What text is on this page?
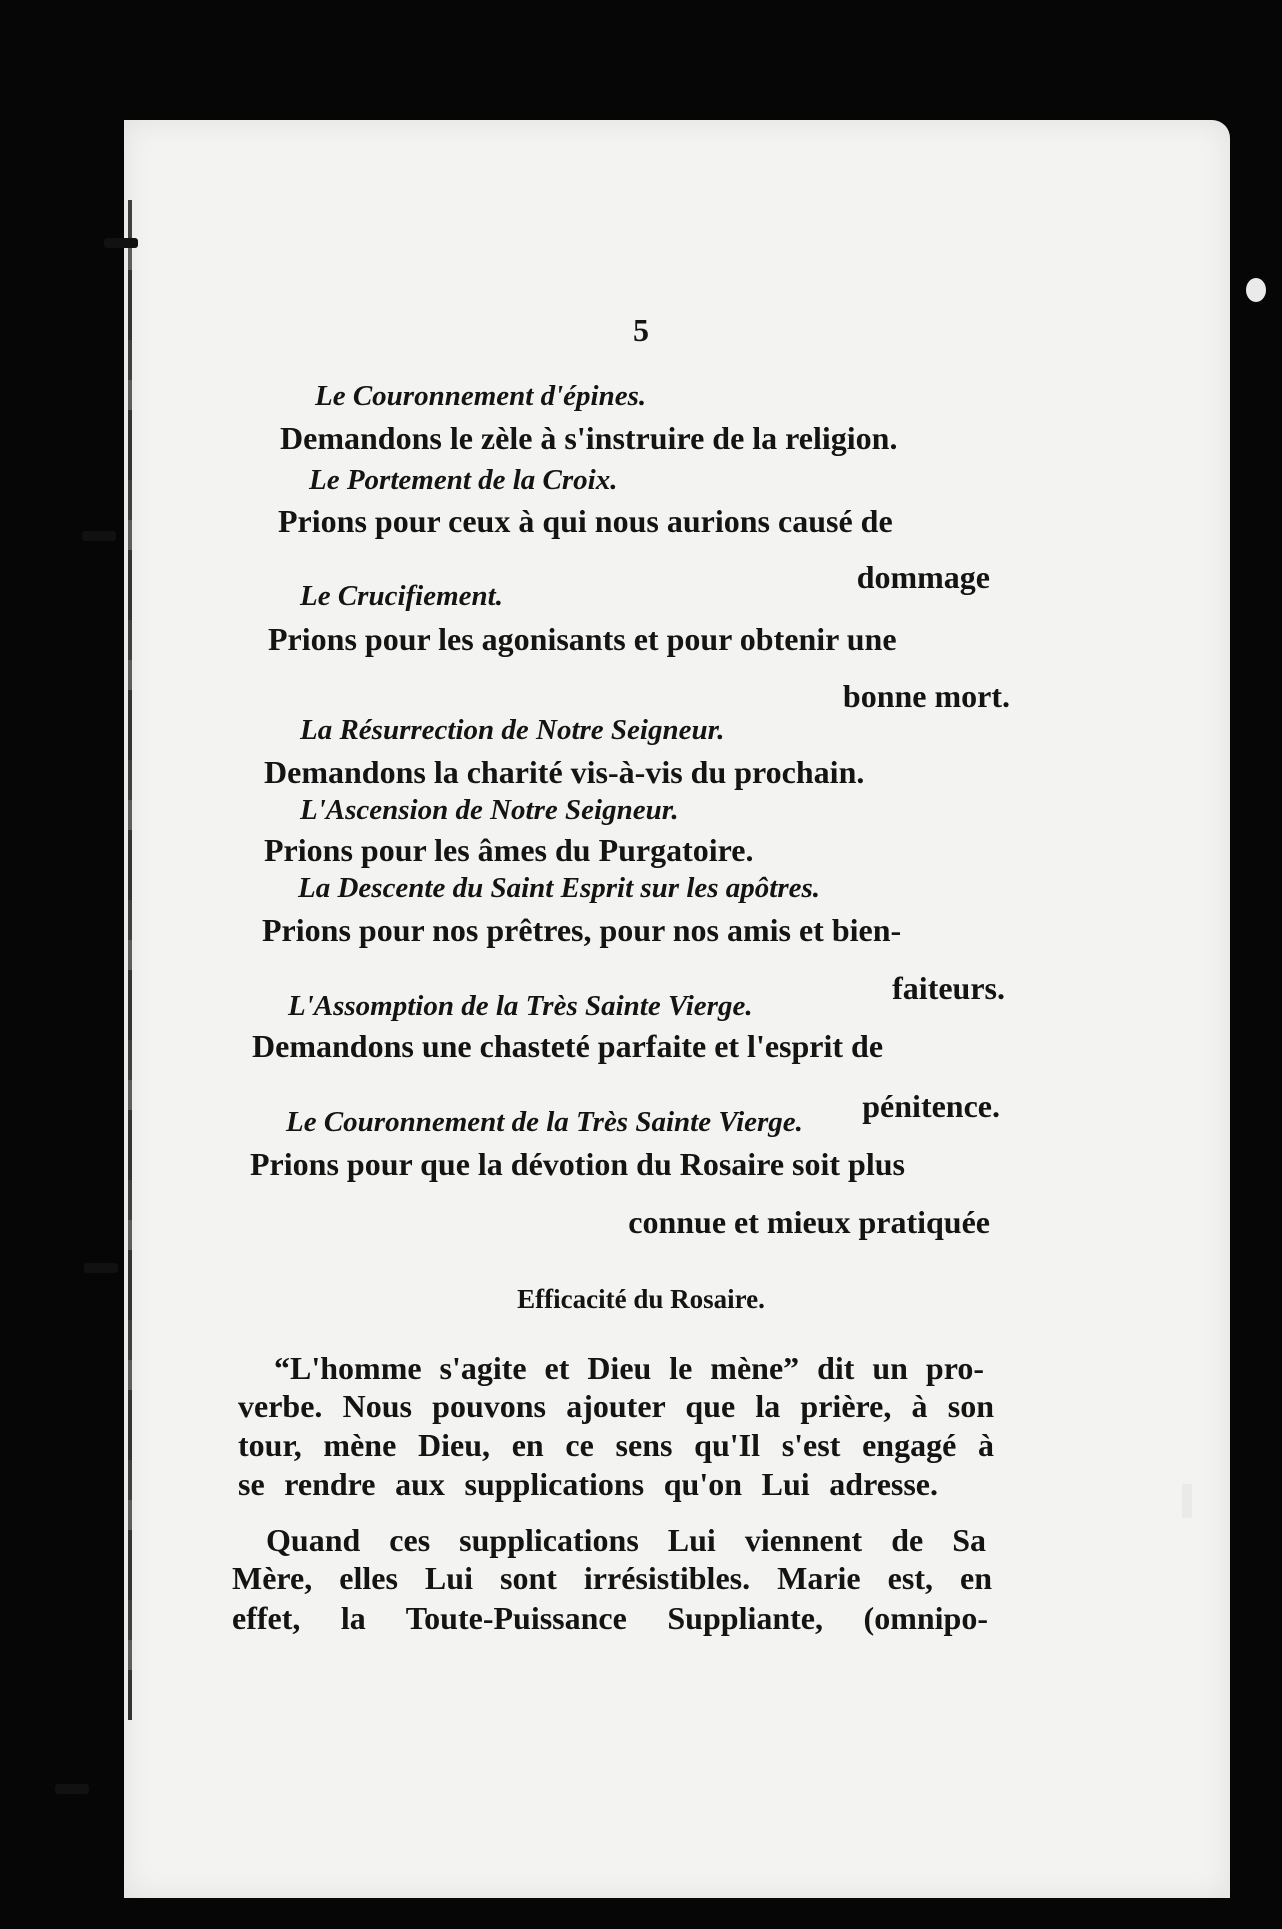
5
Le Couronnement d'épines.
Demandons le zèle à s'instruire de la religion.
Le Portement de la Croix.
Prions pour ceux à qui nous aurions causé de
dommage
Le Crucifiement.
Prions pour les agonisants et pour obtenir une
bonne mort.
La Résurrection de Notre Seigneur.
Demandons la charité vis-à-vis du prochain.
L'Ascension de Notre Seigneur.
Prions pour les âmes du Purgatoire.
La Descente du Saint Esprit sur les apôtres.
Prions pour nos prêtres, pour nos amis et bien-
faiteurs.
L'Assomption de la Très Sainte Vierge.
Demandons une chasteté parfaite et l'esprit de
pénitence.
Le Couronnement de la Très Sainte Vierge.
Prions pour que la dévotion du Rosaire soit plus
connue et mieux pratiquée
Efficacité du Rosaire.
“L'homme s'agite et Dieu le mène” dit un pro-
verbe. Nous pouvons ajouter que la prière, à son
tour, mène Dieu, en ce sens qu'Il s'est engagé à
se rendre aux supplications qu'on Lui adresse.
Quand ces supplications Lui viennent de Sa
Mère, elles Lui sont irrésistibles. Marie est, en
effet, la Toute-Puissance Suppliante, (omnipo-
